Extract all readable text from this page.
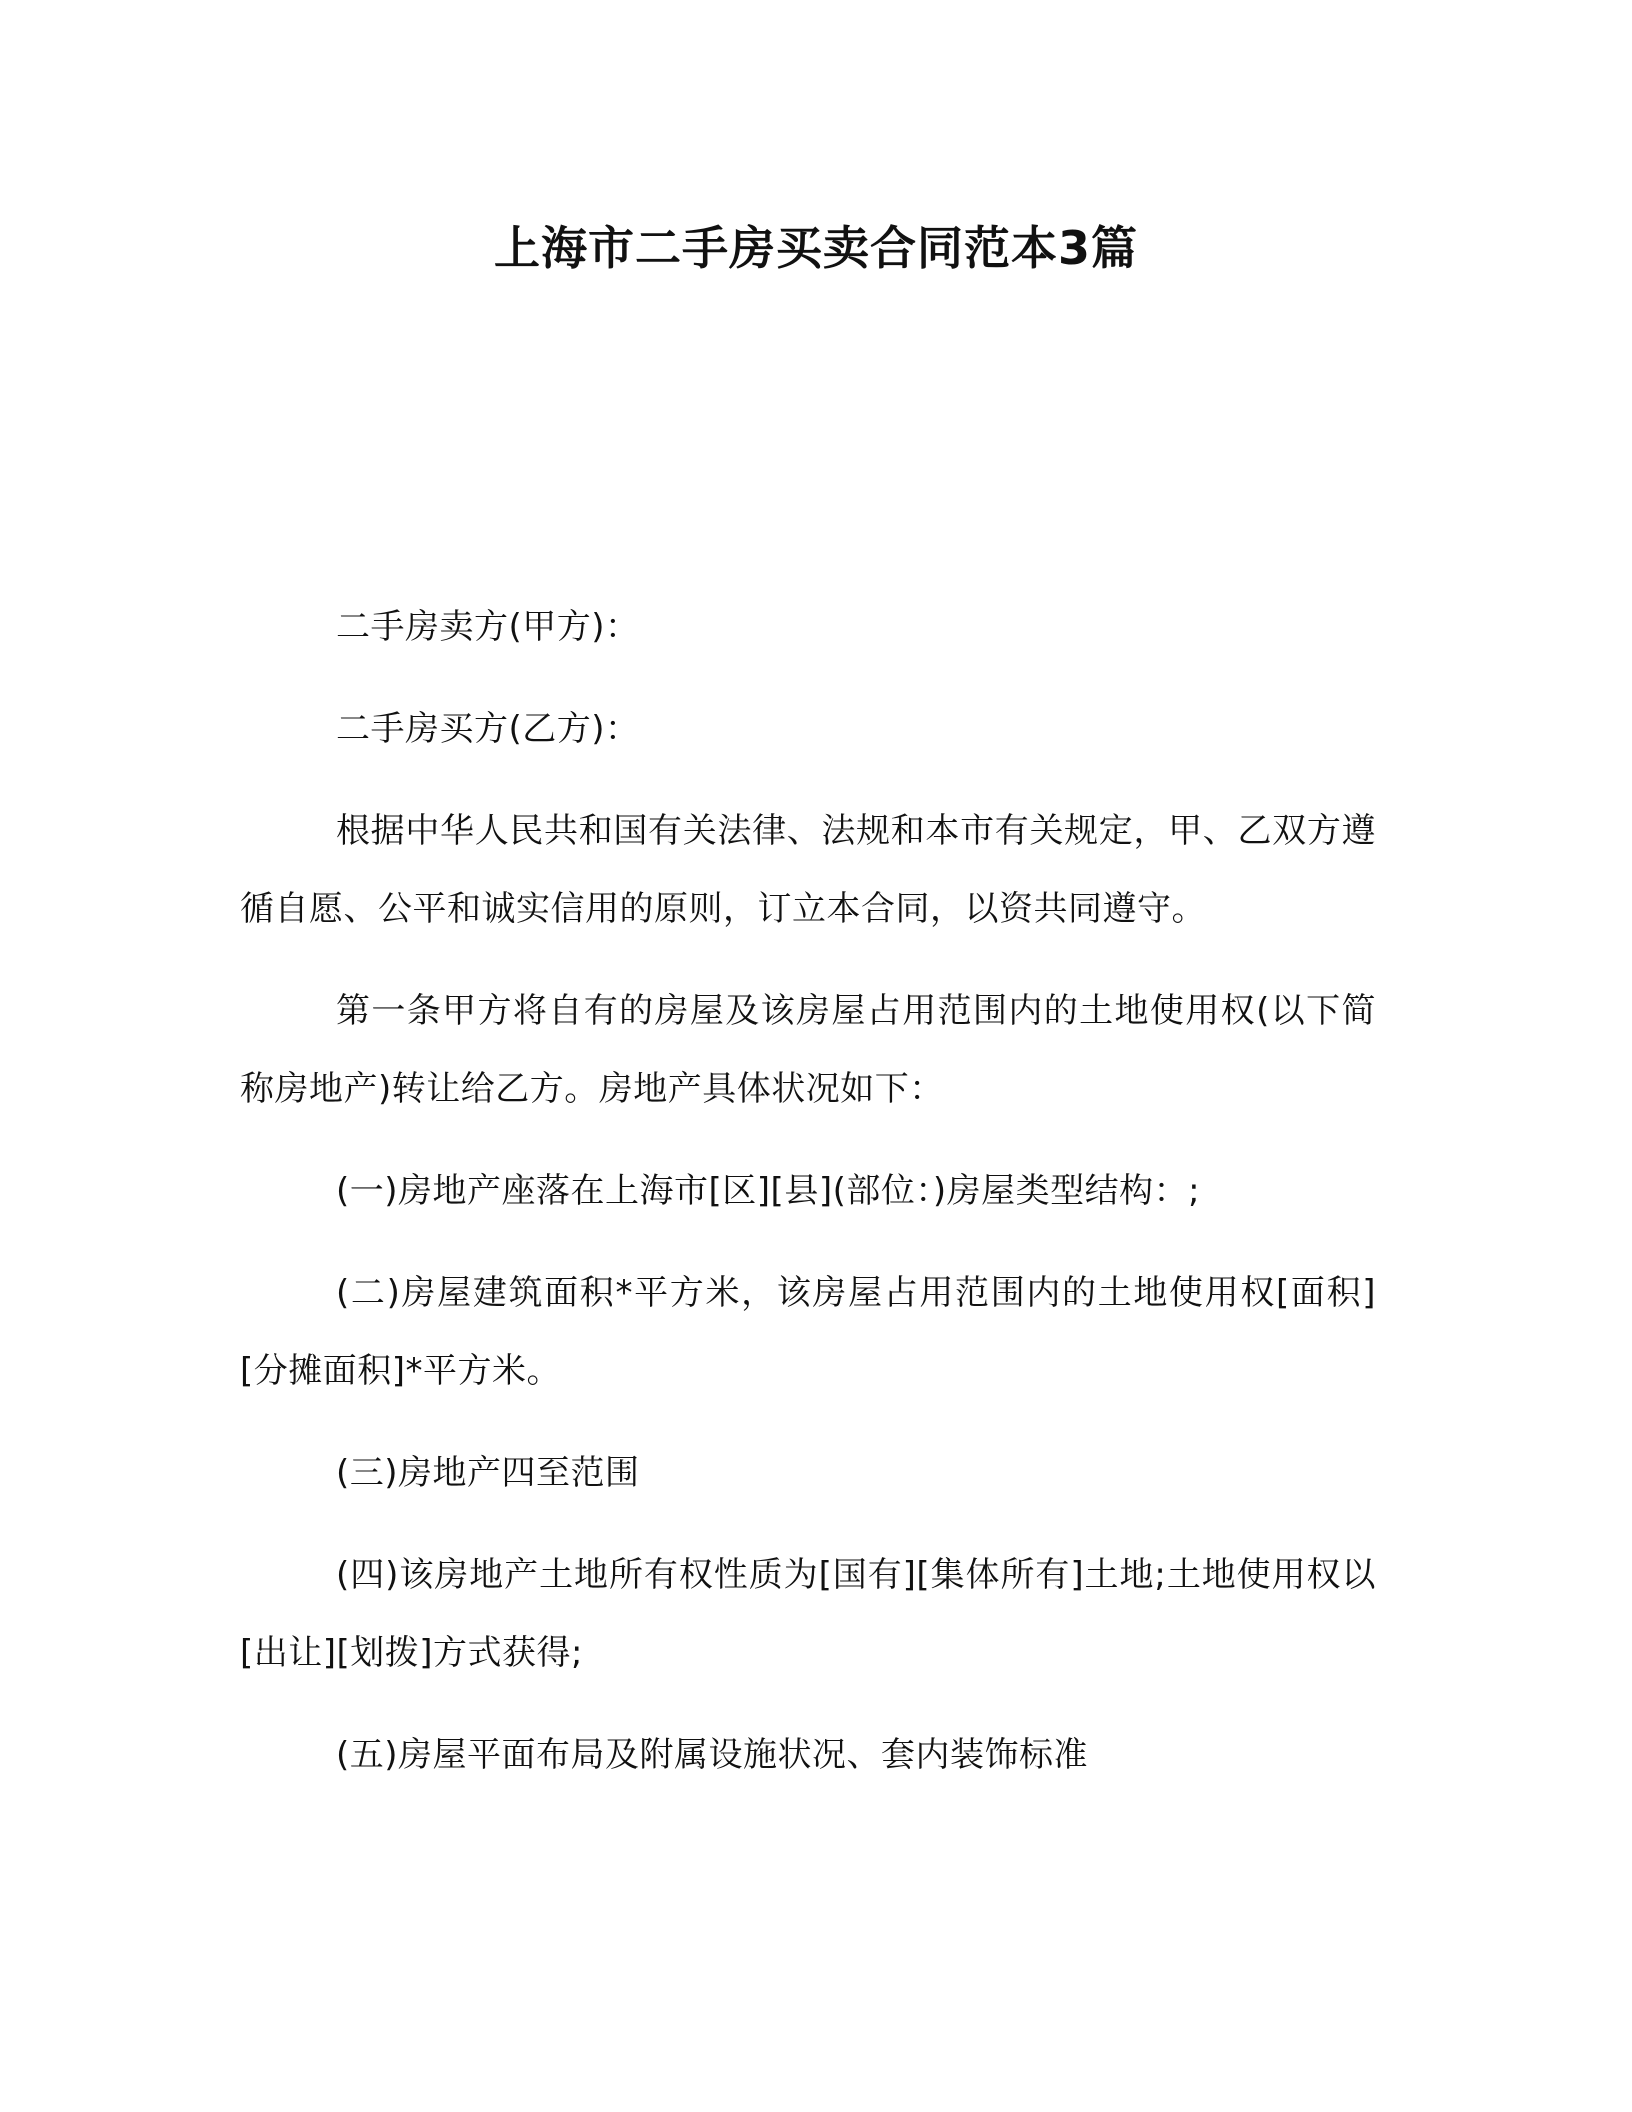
上海市二手房买卖合同范本3篇

二手房卖方(甲方)：

二手房买方(乙方)：

根据中华人民共和国有关法律、法规和本市有关规定，甲、乙双方遵循自愿、公平和诚实信用的原则，订立本合同，以资共同遵守。

第一条甲方将自有的房屋及该房屋占用范围内的土地使用权(以下简称房地产)转让给乙方。房地产具体状况如下：

(一)房地产座落在上海市[区][县](部位：)房屋类型结构：;

(二)房屋建筑面积*平方米，该房屋占用范围内的土地使用权[面积][分摊面积]*平方米。

(三)房地产四至范围

(四)该房地产土地所有权性质为[国有][集体所有]土地;土地使用权以[出让][划拨]方式获得;

(五)房屋平面布局及附属设施状况、套内装饰标准
